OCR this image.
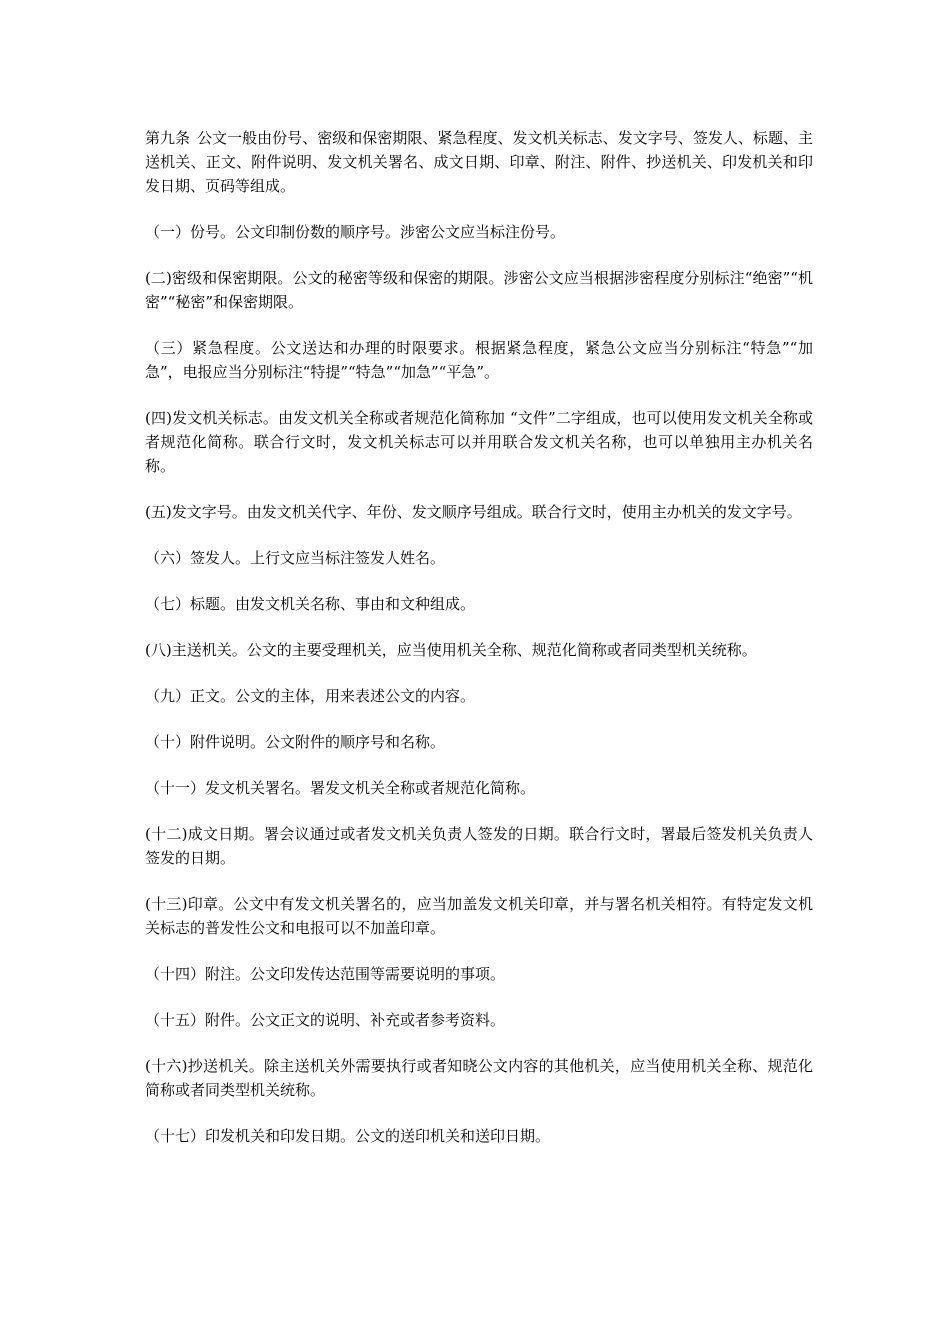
第九条 公文一般由份号、密级和保密期限、紧急程度、发文机关标志、发文字号、签发人、标题、主送机关、正文、附件说明、发文机关署名、成文日期、印章、附注、附件、抄送机关、印发机关和印发日期、页码等组成。

（一）份号。公文印制份数的顺序号。涉密公文应当标注份号。

(二)密级和保密期限。公文的秘密等级和保密的期限。涉密公文应当根据涉密程度分别标注“绝密”“机密”“秘密”和保密期限。

（三）紧急程度。公文送达和办理的时限要求。根据紧急程度，紧急公文应当分别标注“特急”“加急”，电报应当分别标注“特提”“特急”“加急”“平急”。

(四)发文机关标志。由发文机关全称或者规范化简称加 “文件”二字组成，也可以使用发文机关全称或者规范化简称。联合行文时，发文机关标志可以并用联合发文机关名称，也可以单独用主办机关名称。

(五)发文字号。由发文机关代字、年份、发文顺序号组成。联合行文时，使用主办机关的发文字号。

（六）签发人。上行文应当标注签发人姓名。

（七）标题。由发文机关名称、事由和文种组成。

(八)主送机关。公文的主要受理机关，应当使用机关全称、规范化简称或者同类型机关统称。

（九）正文。公文的主体，用来表述公文的内容。

（十）附件说明。公文附件的顺序号和名称。

（十一）发文机关署名。署发文机关全称或者规范化简称。

(十二)成文日期。署会议通过或者发文机关负责人签发的日期。联合行文时，署最后签发机关负责人签发的日期。

(十三)印章。公文中有发文机关署名的，应当加盖发文机关印章，并与署名机关相符。有特定发文机关标志的普发性公文和电报可以不加盖印章。

（十四）附注。公文印发传达范围等需要说明的事项。

（十五）附件。公文正文的说明、补充或者参考资料。

(十六)抄送机关。除主送机关外需要执行或者知晓公文内容的其他机关，应当使用机关全称、规范化简称或者同类型机关统称。

（十七）印发机关和印发日期。公文的送印机关和送印日期。
